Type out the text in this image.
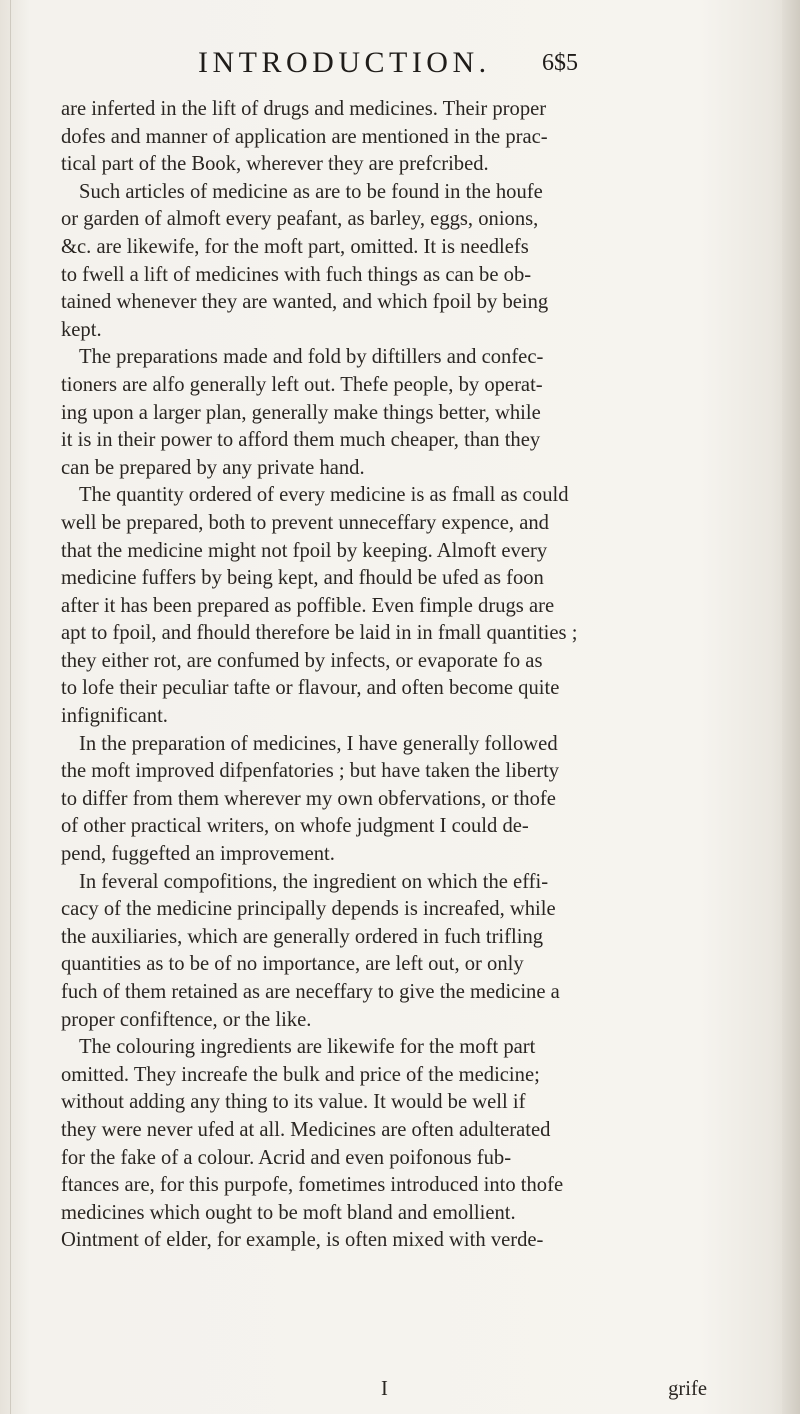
INTRODUCTION. 6$5
are inferted in the lift of drugs and medicines. Their proper
dofes and manner of application are mentioned in the prac-
tical part of the Book, wherever they are prefcribed.
Such articles of medicine as are to be found in the houfe
or garden of almoft every peafant, as barley, eggs, onions,
&c. are likewife, for the moft part, omitted. It is needlefs
to fwell a lift of medicines with fuch things as can be ob-
tained whenever they are wanted, and which fpoil by being
kept.
The preparations made and fold by diftillers and confec-
tioners are alfo generally left out. Thefe people, by operat-
ing upon a larger plan, generally make things better, while
it is in their power to afford them much cheaper, than they
can be prepared by any private hand.
The quantity ordered of every medicine is as fmall as could
well be prepared, both to prevent unneceffary expence, and
that the medicine might not fpoil by keeping. Almoft every
medicine fuffers by being kept, and fhould be ufed as foon
after it has been prepared as poffible. Even fimple drugs are
apt to fpoil, and fhould therefore be laid in in fmall quantities ;
they either rot, are confumed by infects, or evaporate fo as
to lofe their peculiar tafte or flavour, and often become quite
infignificant.
In the preparation of medicines, I have generally followed
the moft improved difpenfatories ; but have taken the liberty
to differ from them wherever my own obfervations, or thofe
of other practical writers, on whofe judgment I could de-
pend, fuggefted an improvement.
In feveral compofitions, the ingredient on which the effi-
cacy of the medicine principally depends is increafed, while
the auxiliaries, which are generally ordered in fuch trifling
quantities as to be of no importance, are left out, or only
fuch of them retained as are neceffary to give the medicine a
proper confiftence, or the like.
The colouring ingredients are likewife for the moft part
omitted. They increafe the bulk and price of the medicine;
without adding any thing to its value. It would be well if
they were never ufed at all. Medicines are often adulterated
for the fake of a colour. Acrid and even poifonous fub-
ftances are, for this purpofe, fometimes introduced into thofe
medicines which ought to be moft bland and emollient.
Ointment of elder, for example, is often mixed with verde-
I	grife
